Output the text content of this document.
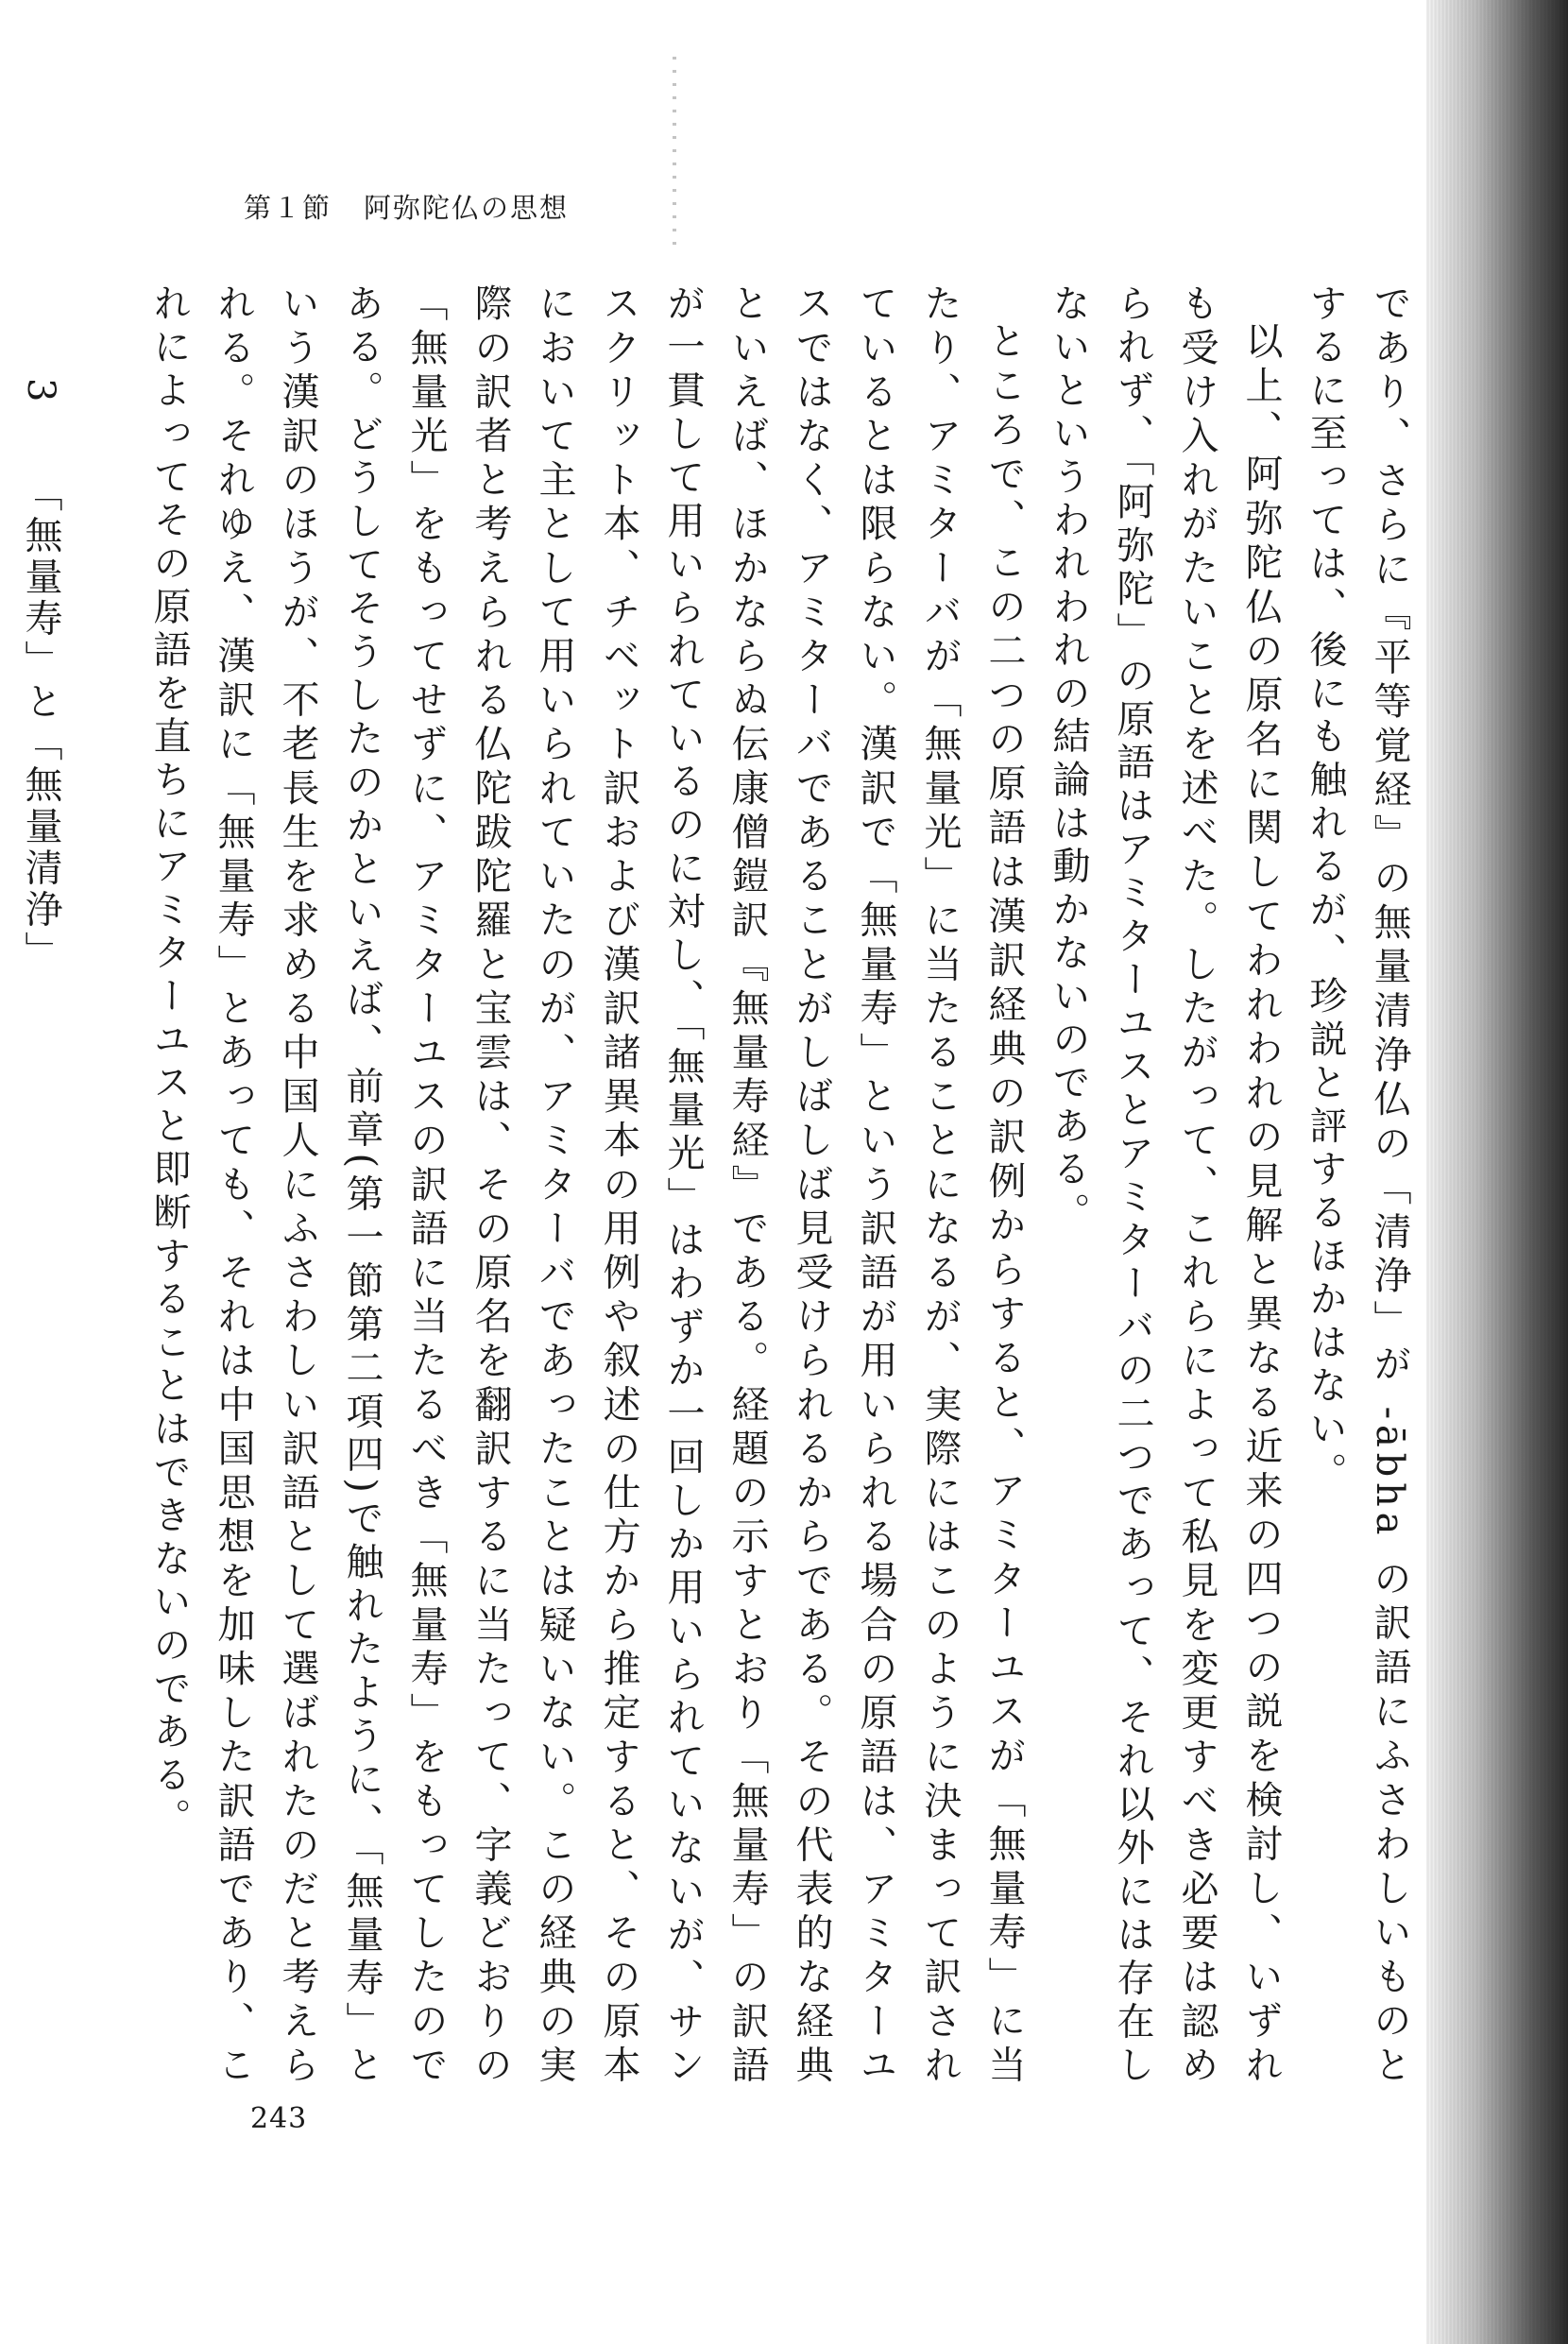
第１節 阿弥陀仏の思想

であり、さらに『平等覚経』の無量清浄仏の「清浄」が -ābha の訳語にふさわしいものとするに至っては、後にも触れるが、珍説と評するほかはない。

以上、阿弥陀仏の原名に関してわれわれの見解と異なる近来の四つの説を検討し、いずれも受け入れがたいことを述べた。したがって、これらによって私見を変更すべき必要は認められず、「阿弥陀」の原語はアミターユスとアミターバの二つであって、それ以外には存在しないというわれわれの結論は動かないのである。

ところで、この二つの原語は漢訳経典の訳例からすると、アミターユスが「無量寿」に当たり、アミターバが「無量光」に当たることになるが、実際にはこのように決まって訳されているとは限らない。漢訳で「無量寿」という訳語が用いられる場合の原語は、アミターユスではなく、アミターバであることがしばしば見受けられるからである。その代表的な経典といえば、ほかならぬ伝康僧鎧訳『無量寿経』である。経題の示すとおり「無量寿」の訳語が一貫して用いられているのに対し、「無量光」はわずか一回しか用いられていないが、サンスクリット本、チベット訳および漢訳諸異本の用例や叙述の仕方から推定すると、その原本において主として用いられていたのが、アミターバであったことは疑いない。この経典の実際の訳者と考えられる仏陀跋陀羅と宝雲は、その原名を翻訳するに当たって、字義どおりの「無量光」をもってせずに、アミターユスの訳語に当たるべき「無量寿」をもってしたのである。どうしてそうしたのかといえば、前章(第一節第二項四)で触れたように、「無量寿」という漢訳のほうが、不老長生を求める中国人にふさわしい訳語として選ばれたのだと考えられる。それゆえ、漢訳に「無量寿」とあっても、それは中国思想を加味した訳語であり、これによってその原語を直ちにアミターユスと即断することはできないのである。

3　「無量寿」と「無量清浄」

243
